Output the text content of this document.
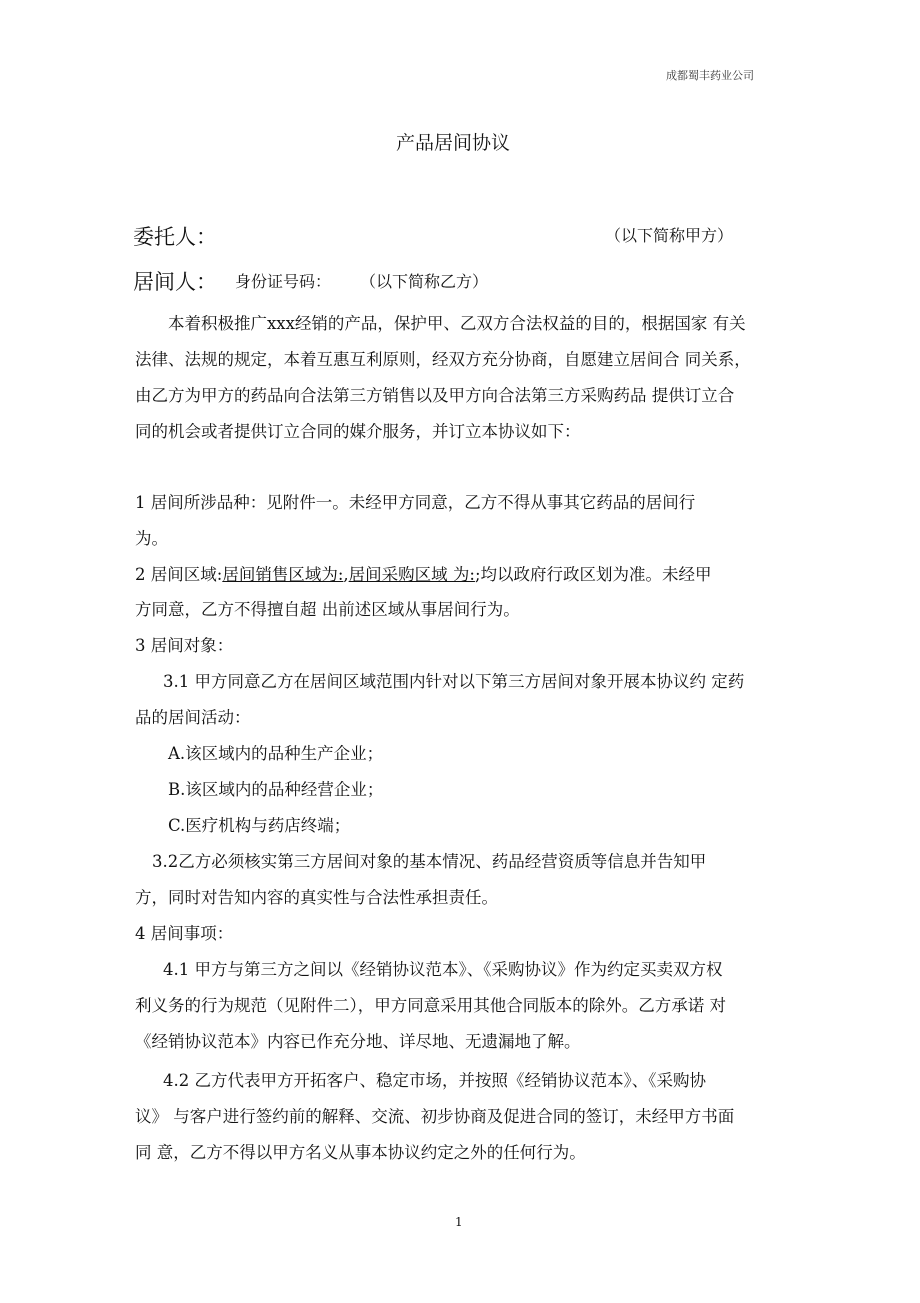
成都蜀丰药业公司
产品居间协议
委托人：	（以下简称甲方）
居间人： 身份证号码： （以下简称乙方）
本着积极推广xxx经销的产品，保护甲、乙双方合法权益的目的，根据国家 有关
法律、法规的规定，本着互惠互利原则，经双方充分协商，自愿建立居间合 同关系，
由乙方为甲方的药品向合法第三方销售以及甲方向合法第三方采购药品 提供订立合
同的机会或者提供订立合同的媒介服务，并订立本协议如下：
1 居间所涉品种：见附件一。未经甲方同意，乙方不得从事其它药品的居间行
为。
2 居间区域:居间销售区域为:,居间采购区域 为:;均以政府行政区划为准。未经甲
方同意，乙方不得擅自超 出前述区域从事居间行为。
3 居间对象：
3.1 甲方同意乙方在居间区域范围内针对以下第三方居间对象开展本协议约 定药
品的居间活动：
A.该区域内的品种生产企业；
B.该区域内的品种经营企业；
C.医疗机构与药店终端；
3.2乙方必须核实第三方居间对象的基本情况、药品经营资质等信息并告知甲
方，同时对告知内容的真实性与合法性承担责任。
4 居间事项：
4.1 甲方与第三方之间以《经销协议范本》、《采购协议》作为约定买卖双方权
利义务的行为规范（见附件二），甲方同意采用其他合同版本的除外。乙方承诺 对
《经销协议范本》内容已作充分地、详尽地、无遗漏地了解。
4.2 乙方代表甲方开拓客户、稳定市场，并按照《经销协议范本》、《采购协
议》 与客户进行签约前的解释、交流、初步协商及促进合同的签订，未经甲方书面
同 意，乙方不得以甲方名义从事本协议约定之外的任何行为。
1
